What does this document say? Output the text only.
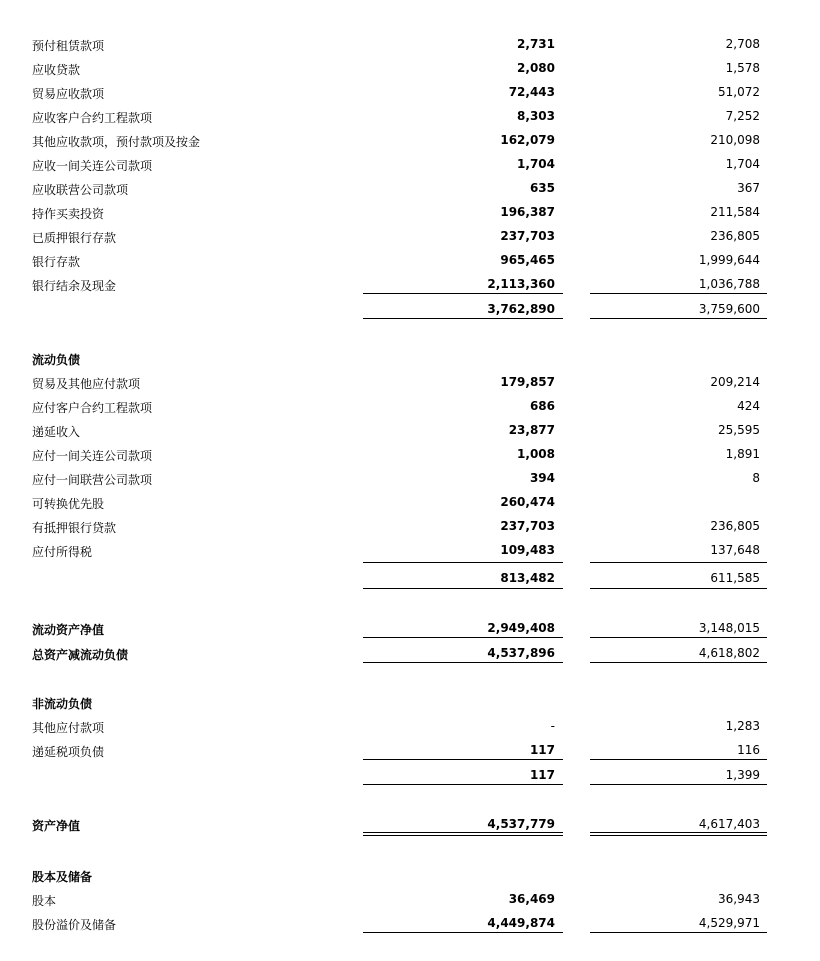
预付租赁款项	2,731	2,708
应收贷款	2,080	1,578
贸易应收款项	72,443	51,072
应收客户合约工程款项	8,303	7,252
其他应收款项，预付款项及按金	162,079	210,098
应收一间关连公司款项	1,704	1,704
应收联营公司款项	635	367
持作买卖投资	196,387	211,584
已质押银行存款	237,703	236,805
银行存款	965,465	1,999,644
银行结余及现金	2,113,360	1,036,788
3,762,890	3,759,600
流动负债
贸易及其他应付款项	179,857	209,214
应付客户合约工程款项	686	424
递延收入	23,877	25,595
应付一间关连公司款项	1,008	1,891
应付一间联营公司款项	394	8
可转换优先股	260,474
有抵押银行贷款	237,703	236,805
应付所得税	109,483	137,648
813,482	611,585
流动资产净值	2,949,408	3,148,015
总资产减流动负债	4,537,896	4,618,802
非流动负债
其他应付款项	-	1,283
递延税项负债	117	116
117	1,399
资产净值	4,537,779	4,617,403
股本及储备
股本	36,469	36,943
股份溢价及储备	4,449,874	4,529,971
